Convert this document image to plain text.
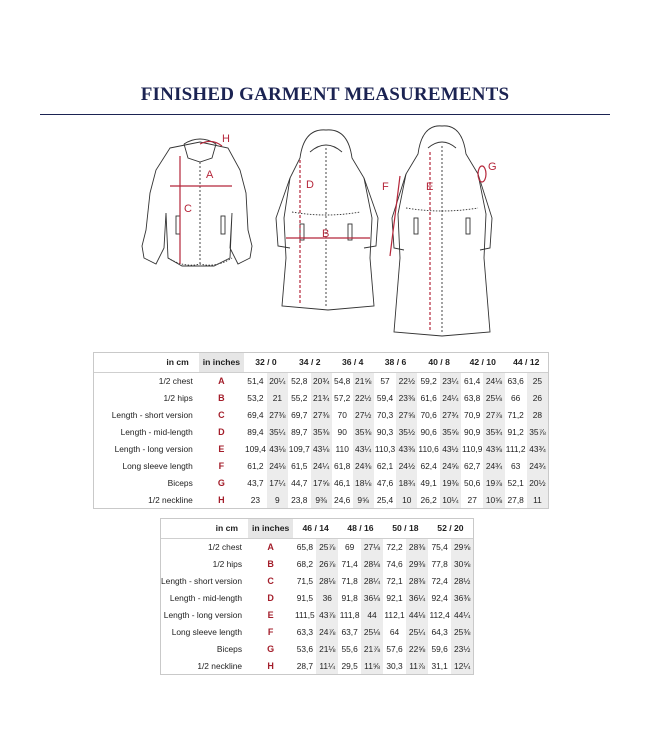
FINISHED GARMENT MEASUREMENTS
H
A
C
D
B
F	E
G
in cm	in inches	32 / 0		34 / 2		36 / 4		38 / 6		40 / 8		42 / 10		44 / 12	
1/2 chest	A	51,4	20¼	52,8	20¾	54,8	21⅝	57	22½	59,2	23¼	61,4	24⅛	63,6	25
1/2 hips	B	53,2	21	55,2	21¾	57,2	22½	59,4	23⅜	61,6	24¼	63,8	25⅛	66	26
Length - short version	C	69,4	27⅜	69,7	27⅜	70	27½	70,3	27⅝	70,6	27¾	70,9	27⅞	71,2	28
Length - mid-length	D	89,4	35¼	89,7	35⅜	90	35⅜	90,3	35½	90,6	35⅝	90,9	35¾	91,2	35⅞
Length - long version	E	109,4	43⅛	109,7	43⅛	110	43¼	110,3	43⅜	110,6	43½	110,9	43⅝	111,2	43¾
Long sleeve length	F	61,2	24⅛	61,5	24¼	61,8	24⅜	62,1	24½	62,4	24⅝	62,7	24¾	63	24¾
Biceps	G	43,7	17¼	44,7	17⅝	46,1	18⅛	47,6	18¾	49,1	19⅜	50,6	19⅞	52,1	20½
1/2 neckline	H	23	9	23,8	9⅜	24,6	9⅝	25,4	10	26,2	10¼	27	10⅝	27,8	11
in cm	in inches	46 / 14		48 / 16		50 / 18		52 / 20	
1/2 chest	A	65,8	25⅞	69	27⅛	72,2	28⅜	75,4	29⅝
1/2 hips	B	68,2	26⅞	71,4	28⅛	74,6	29⅜	77,8	30⅝
Length - short version	C	71,5	28⅛	71,8	28¼	72,1	28⅜	72,4	28½
Length - mid-length	D	91,5	36	91,8	36⅛	92,1	36¼	92,4	36⅜
Length - long version	E	111,5	43⅞	111,8	44	112,1	44⅛	112,4	44¼
Long sleeve length	F	63,3	24⅞	63,7	25⅛	64	25¼	64,3	25⅜
Biceps	G	53,6	21⅛	55,6	21⅞	57,6	22⅝	59,6	23½
1/2 neckline	H	28,7	11¼	29,5	11⅝	30,3	11⅞	31,1	12¼
